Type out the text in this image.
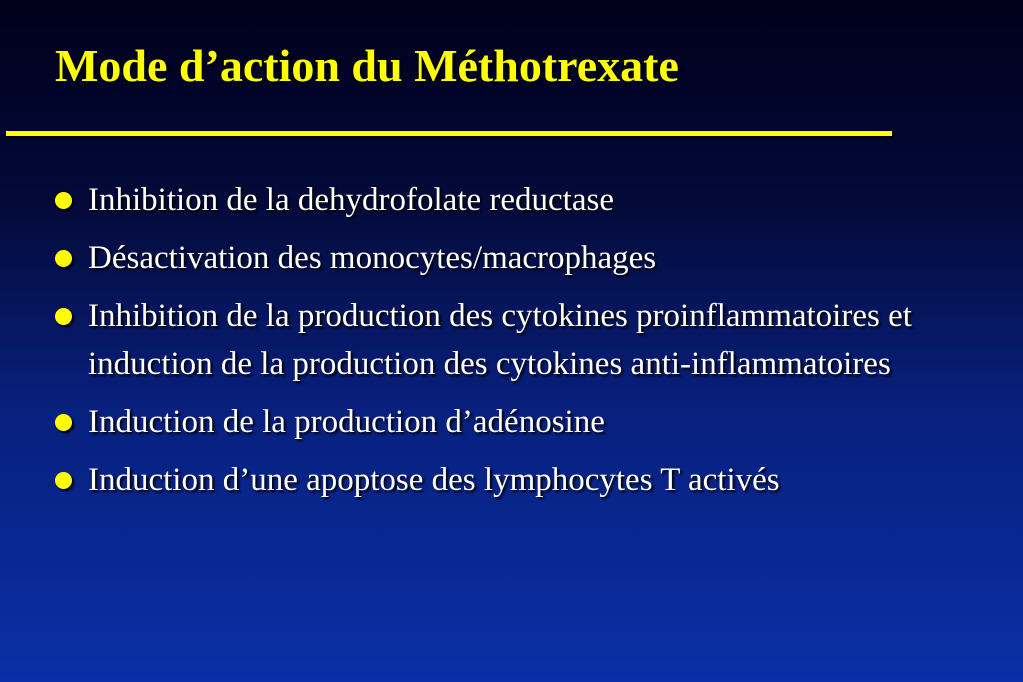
Mode d’action du Méthotrexate
Inhibition de la dehydrofolate reductase
Désactivation des monocytes/macrophages
Inhibition de la production des cytokines proinflammatoires et induction de la production des cytokines anti-inflammatoires
Induction de la production d’adénosine
Induction d’une apoptose des lymphocytes T activés
